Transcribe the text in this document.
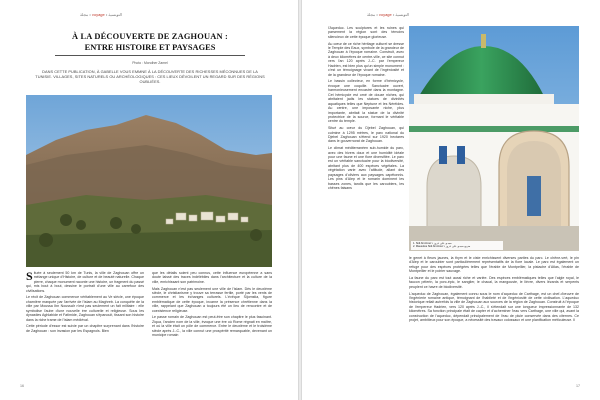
مجلة • voyage • التونسية
À LA DÉCOUVERTE DE ZAGHOUAN :
ENTRE HISTOIRE ET PAYSAGES
Photo : Mondher Zamel
DANS CETTE PUBLICATION, À GABELLE VOUS EMMNE À LA DÉCOUVERTE DES RICHESSES MÉCONNUES DE LA TUNISIE. VILLAGES, SITES NATURELS OU ARCHÉOLOGIQUES : CES LIEUX DÉVOILENT UN REGARD SUR DES RÉGIONS OUBLIÉES.

Située à seulement 50 km de Tunis, la ville de Zaghouan offre un mélange unique d'Histoire, de culture et de beauté naturelle. Chaque pierre, chaque monument raconte une histoire, un fragment du passé qui, mis bout à bout, dessine le portrait d'une ville au carrefour des civilisations.

Le récit de Zaghouan commence véritablement au Ve siècle, une époque charnière marquée par l'arrivée de l'islam au Maghreb. La conquête de la ville par Moussa Ibn Noussaïr n'est pas seulement un fait militaire : elle symbolise l'aube d'une nouvelle ère culturelle et religieuse. Sous les dynasties Aghlabide et Fatimide, Zaghouan s'épanouit, tissant son histoire dans la riche trame de l'islam médiéval.

Cette période d'essor est suivie par un chapitre surprenant dans l'histoire de Zaghouan : son invasion par les Espagnols. Bien

que les détails soient peu connus, cette influence européenne a sans doute laissé des traces indélébiles dans l'architecture et la culture de la ville, enrichissant son patrimoine.

Mais Zaghouan n'est pas seulement une ville de l'islam. Dès le deuxième siècle, le christianisme y trouve sa terrasse fertile, porté par les vents de commerce et les échanges culturels. L'évêque Sijomstia, figure emblématique de cette époque, incarne la présence chrétienne dans la ville, rappelant que Zaghouan a toujours été un lieu de rencontre et de coexistence religieuse.

Le passe romain de Zaghouan est peut-être son chapitre le plus fascinant. Ziqua, l'ancien nom de la ville, évoque une ère où Rome régnait en maître, et où la ville était un pôle de commerce. Entre le deuxième et le troisième siècle après J.-C., la ville connut une prospérité remarquable, devenant un municipe romain

16
مجلة • voyage • التونسية

l'Aqueduc. Les sculptures et les ruines qui parsement la région sont des témoins silencieux de cette époque glorieuse.

Au cœur de ce riche héritage culturel se dresse le Temple des Eaux, symbole de la grandeur de Zaghouan à l'époque romaine. Construit, avec à deux kilomètres de centre-ville, ce site connut vers l'an 120 après J.-C. par l'empereur Hadrien, est bien plus qu'un simple monument : c'est un témoignage vivant de l'ingéniosité et de la grandeur de l'époque romaine.

Le bassin collecteur, en forme d'hémicycle, évoque une coquille. Sanctuaire ouvert, harmonieusement encastré dans la montagne. Cet hémicycle est orné de douze niches, qui abritaient jadis les statues de divinités aquatiques telles que Neptune et les Néréides. Au centre, une imposante niche, plus importante, abritait la statue de la divinité protectrice de la source, formant le véritable centre du temple.

Situé au cœur du Djebel Zaghouan, qui culmine à 1295 mètres, le parc national du Djebel Zaghouan s'étend sur 1920 hectares dans le gouvernorat de Zaghouan.

Le climat méditerranéen sub-humide du parc, avec des hivers doux et une humidité idéale pour une faune et une flore diversifiée. Le parc est un véritable sanctuaire pour la biodiversité, abritant plus de 400 espèces végétales. La végétation varie avec l'altitude, allant des paysages d'oliviers aux paysages capétonnis. Les pins d'Alep et le romarin dominent les basses zones, tandis que les caroubiers, les chênes faisans

1. Sidi Ali Azouz • سيدي علي عزوز
2. Mausolée Sidi Ali Azouz • ضريح سيدي علي عزوز

le genet à fleurs jaunes, la thym et le ciste enrichissent diverses parties du parc. Le chêne-vert, le pin d'Alep et le caroubier sont particulièrement représentatifs de la flore locale. Le parc est également un refuge pour des espèces protégées telles que l'érable de Montpellier, la pistache d'Atlas, l'érable de Montpellier et le poirier sauvage.

La faune du parc est tout aussi riche et variée. Des espèces emblématiques telles que l'aigle royal, le faucon pèlerin, la porc-épic, le sanglier, le chacal, la mangouste, le lièvre, divers lézards et serpents peuplent ce havre de biodiversité.

L'aqueduc de Zaghouan, également connu sous le nom d'aqueduc de Carthage, est un chef-d'œuvre de l'ingénierie romaine antique, témoignant de l'habileté et de l'ingéniosité de cette civilisation. L'aqueduc historique reliait autrefois la ville de Zaghouan aux sources de la région de Zaghouan. Construit à l'époque de l'empereur Hadrien, vers 120 après J.-C., il s'étendait sur une longueur impressionnante de 132 kilomètres. Sa fonction principale était de capter et d'acheminer l'eau vers Carthage, une ville qui, avant la construction de l'aqueduc, dépendait principalement de l'eau de pluie conservée dans des citernes. Ce projet, ambitieux pour son époque, a nécessité des travaux colossaux et une planification méticuleuse. Il

17
